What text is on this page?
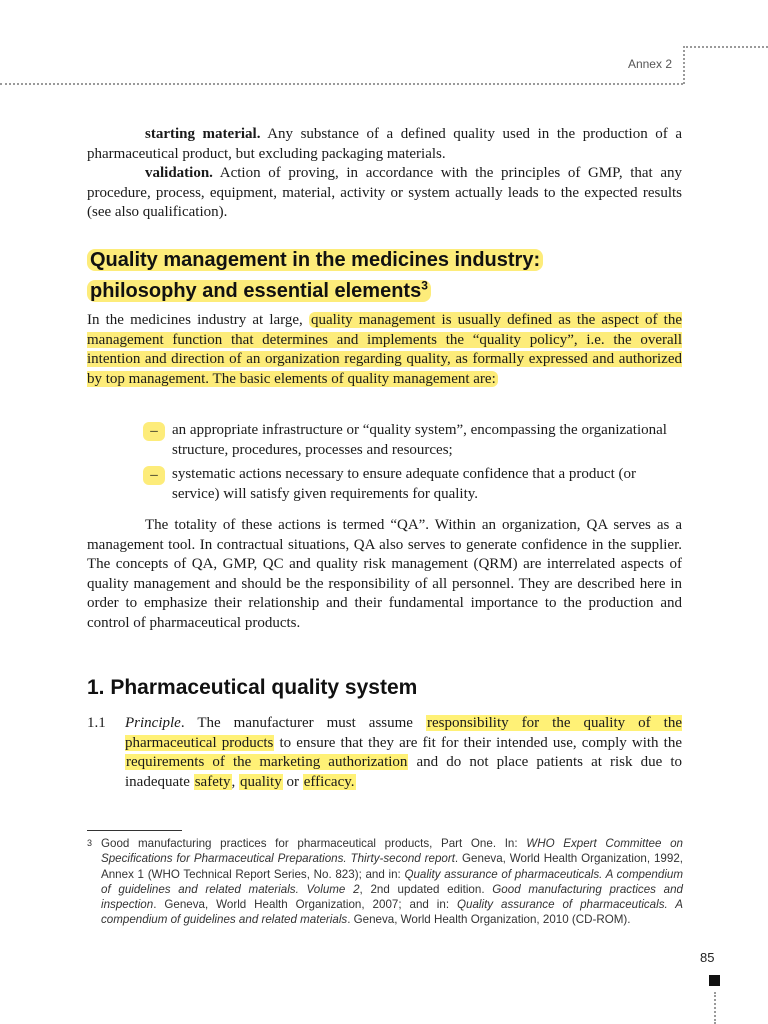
Annex 2
starting material. Any substance of a defined quality used in the production of a pharmaceutical product, but excluding packaging materials.
validation. Action of proving, in accordance with the principles of GMP, that any procedure, process, equipment, material, activity or system actually leads to the expected results (see also qualification).
Quality management in the medicines industry:
philosophy and essential elements$^3$
In the medicines industry at large, quality management is usually defined as the aspect of the management function that determines and implements the “quality policy”, i.e. the overall intention and direction of an organization regarding quality, as formally expressed and authorized by top management. The basic elements of quality management are:
– an appropriate infrastructure or “quality system”, encompassing the organizational structure, procedures, processes and resources;
– systematic actions necessary to ensure adequate confidence that a product (or service) will satisfy given requirements for quality.
The totality of these actions is termed “QA”. Within an organization, QA serves as a management tool. In contractual situations, QA also serves to generate confidence in the supplier. The concepts of QA, GMP, QC and quality risk management (QRM) are interrelated aspects of quality management and should be the responsibility of all personnel. They are described here in order to emphasize their relationship and their fundamental importance to the production and control of pharmaceutical products.
1. Pharmaceutical quality system
1.1 Principle. The manufacturer must assume responsibility for the quality of the pharmaceutical products to ensure that they are fit for their intended use, comply with the requirements of the marketing authorization and do not place patients at risk due to inadequate safety, quality or efficacy.
3 Good manufacturing practices for pharmaceutical products, Part One. In: WHO Expert Committee on Specifications for Pharmaceutical Preparations. Thirty-second report. Geneva, World Health Organization, 1992, Annex 1 (WHO Technical Report Series, No. 823); and in: Quality assurance of pharmaceuticals. A compendium of guidelines and related materials. Volume 2, 2nd updated edition. Good manufacturing practices and inspection. Geneva, World Health Organization, 2007; and in: Quality assurance of pharmaceuticals. A compendium of guidelines and related materials. Geneva, World Health Organization, 2010 (CD-ROM).
85
